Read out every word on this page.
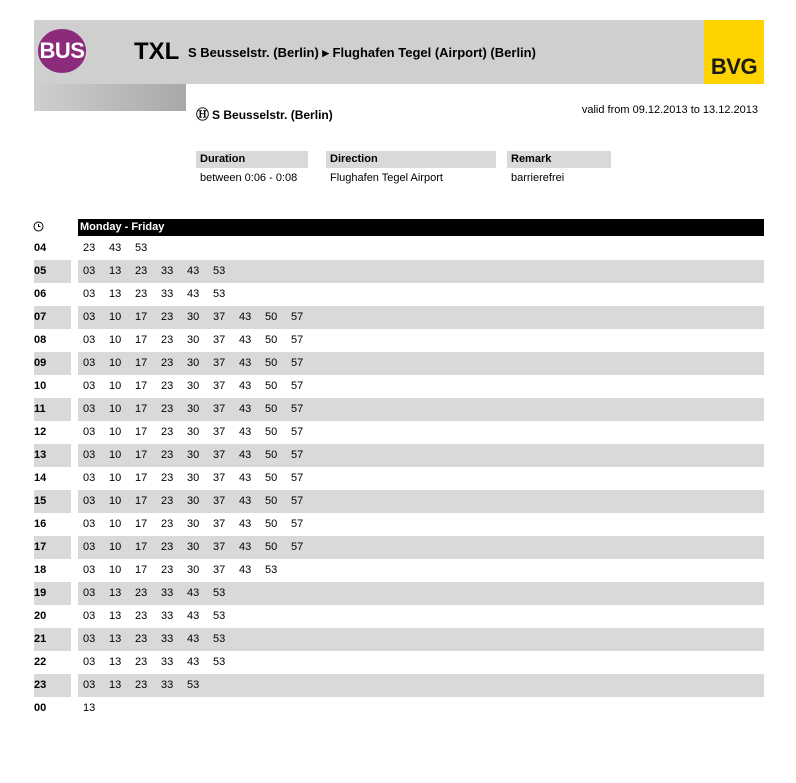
BUS TXL S Beusselstr. (Berlin) ▸ Flughafen Tegel (Airport) (Berlin)
BVG
Ⓗ S Beusselstr. (Berlin)	valid from 09.12.2013 to 13.12.2013
Duration
between 0:06 - 0:08
Direction
Flughafen Tegel Airport
Remark
barrierefrei
Monday - Friday
04	23 43 53
05	03 13 23 33 43 53
06	03 13 23 33 43 53
07	03 10 17 23 30 37 43 50 57
08	03 10 17 23 30 37 43 50 57
09	03 10 17 23 30 37 43 50 57
10	03 10 17 23 30 37 43 50 57
11	03 10 17 23 30 37 43 50 57
12	03 10 17 23 30 37 43 50 57
13	03 10 17 23 30 37 43 50 57
14	03 10 17 23 30 37 43 50 57
15	03 10 17 23 30 37 43 50 57
16	03 10 17 23 30 37 43 50 57
17	03 10 17 23 30 37 43 50 57
18	03 10 17 23 30 37 43 53
19	03 13 23 33 43 53
20	03 13 23 33 43 53
21	03 13 23 33 43 53
22	03 13 23 33 43 53
23	03 13 23 33 53
00	13
